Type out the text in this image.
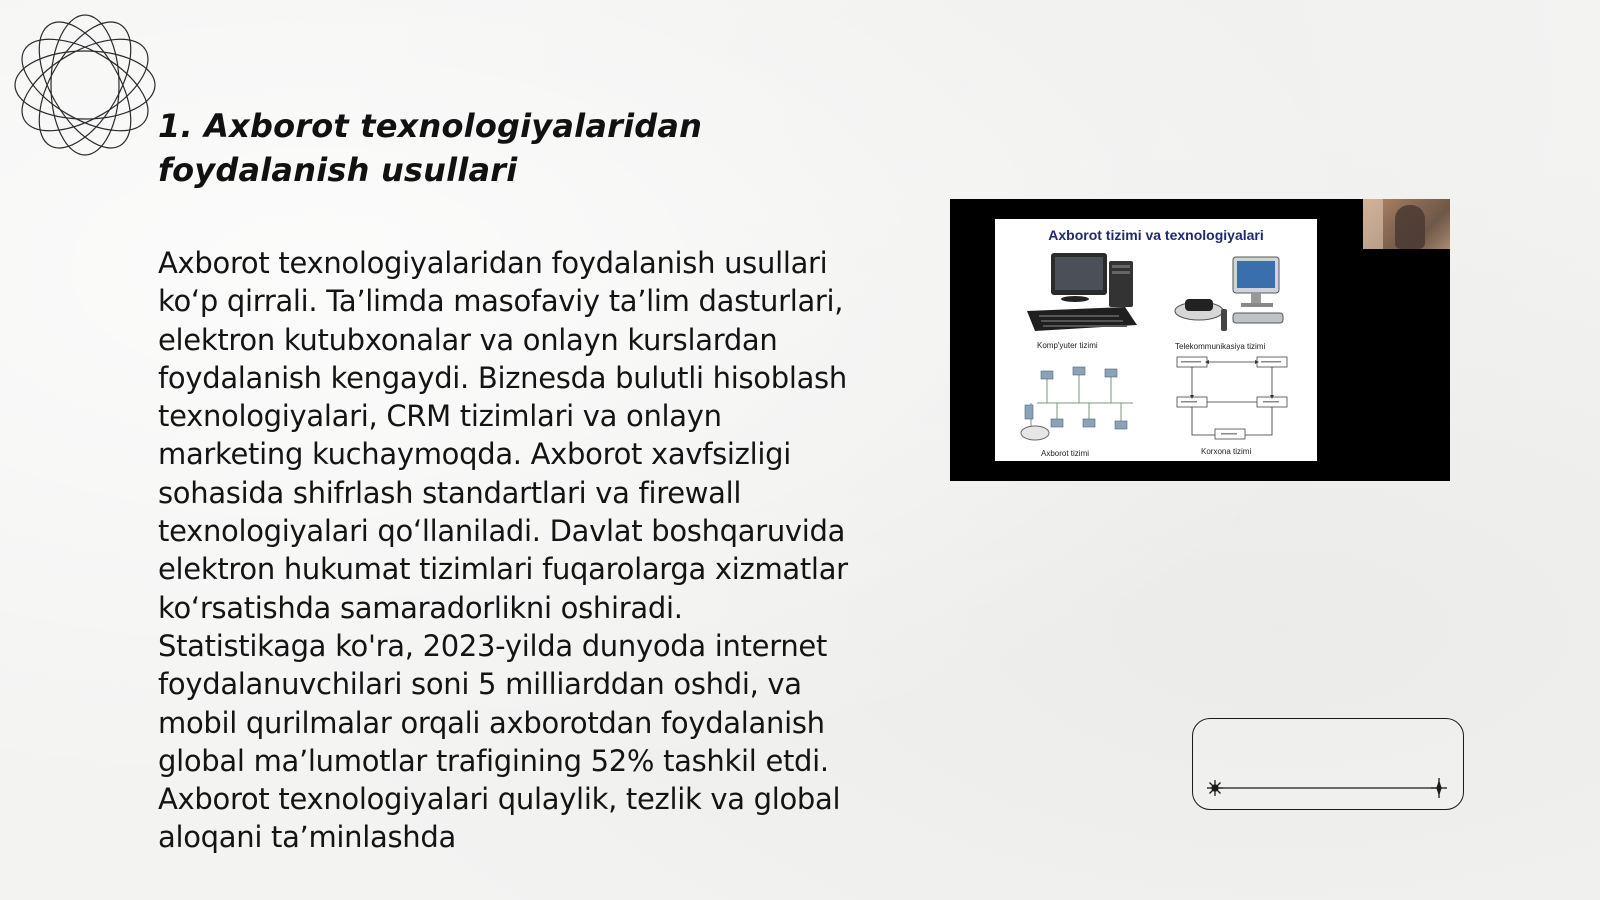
1. Axborot texnologiyalaridan foydalanish usullari

Axborot texnologiyalaridan foydalanish usullari ko‘p qirrali. Ta’limda masofaviy ta’lim dasturlari, elektron kutubxonalar va onlayn kurslardan foydalanish kengaydi. Biznesda bulutli hisoblash texnologiyalari, CRM tizimlari va onlayn marketing kuchaymoqda. Axborot xavfsizligi sohasida shifrlash standartlari va firewall texnologiyalari qo‘llaniladi. Davlat boshqaruvida elektron hukumat tizimlari fuqarolarga xizmatlar ko‘rsatishda samaradorlikni oshiradi. Statistikaga ko'ra, 2023-yilda dunyoda internet foydalanuvchilari soni 5 milliarddan oshdi, va mobil qurilmalar orqali axborotdan foydalanish global ma’lumotlar trafigining 52% tashkil etdi. Axborot texnologiyalari qulaylik, tezlik va global aloqani ta’minlashda

Axborot tizimi va texnologiyalari
Komp'yuter tizimi	Telekommunikasiya tizimi
Axborot tizimi	Korxona tizimi
